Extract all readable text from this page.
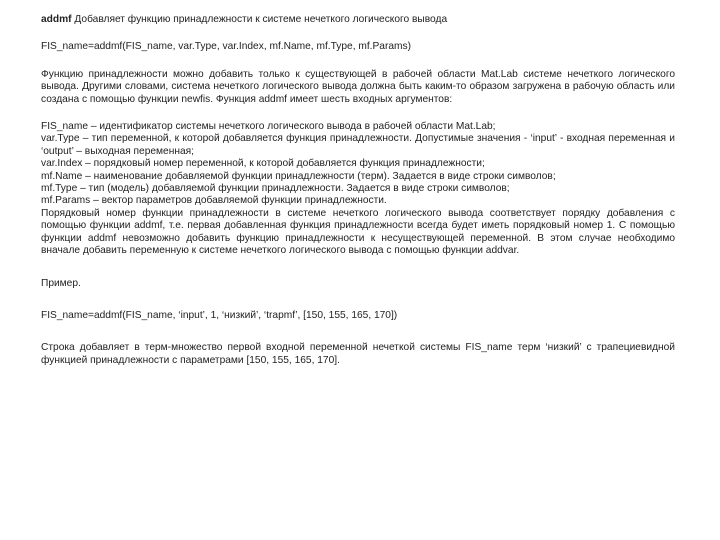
addmf Добавляет функцию принадлежности к системе нечеткого логического вывода

FIS_name=addmf(FIS_name, var.Type, var.Index, mf.Name, mf.Type, mf.Params)

Функцию принадлежности можно добавить только к существующей в рабочей области Mat.Lab системе нечеткого логического вывода. Другими словами, система нечеткого логического вывода должна быть каким-то образом загружена в рабочую область или создана с помощью функции newfis. Функция addmf имеет шесть входных аргументов:

FIS_name – идентификатор системы нечеткого логического вывода в рабочей области Mat.Lab;

var.Type – тип переменной, к которой добавляется функция принадлежности. Допустимые значения - ‘input’ - входная переменная и ‘output’ – выходная переменная;

var.Index – порядковый номер переменной, к которой добавляется функция принадлежности;

mf.Name – наименование добавляемой функции принадлежности (терм). Задается в виде строки символов;

mf.Type – тип (модель) добавляемой функции принадлежности. Задается в виде строки символов;

mf.Params – вектор параметров добавляемой функции принадлежности.

Порядковый номер функции принадлежности в системе нечеткого логического вывода соответствует порядку добавления с помощью функции addmf, т.е. первая добавленная функция принадлежности всегда будет иметь порядковый номер 1. С помощью функции addmf невозможно добавить функцию принадлежности к несуществующей переменной. В этом случае необходимо вначале добавить переменную к системе нечеткого логического вывода с помощью функции addvar.

Пример.

FIS_name=addmf(FIS_name, ‘input’, 1, ‘низкий’, ‘trapmf’, [150, 155, 165, 170])

Строка добавляет в терм-множество первой входной переменной нечеткой системы FIS_name терм ‘низкий’ с трапециевидной функцией принадлежности с параметрами [150, 155, 165, 170].
